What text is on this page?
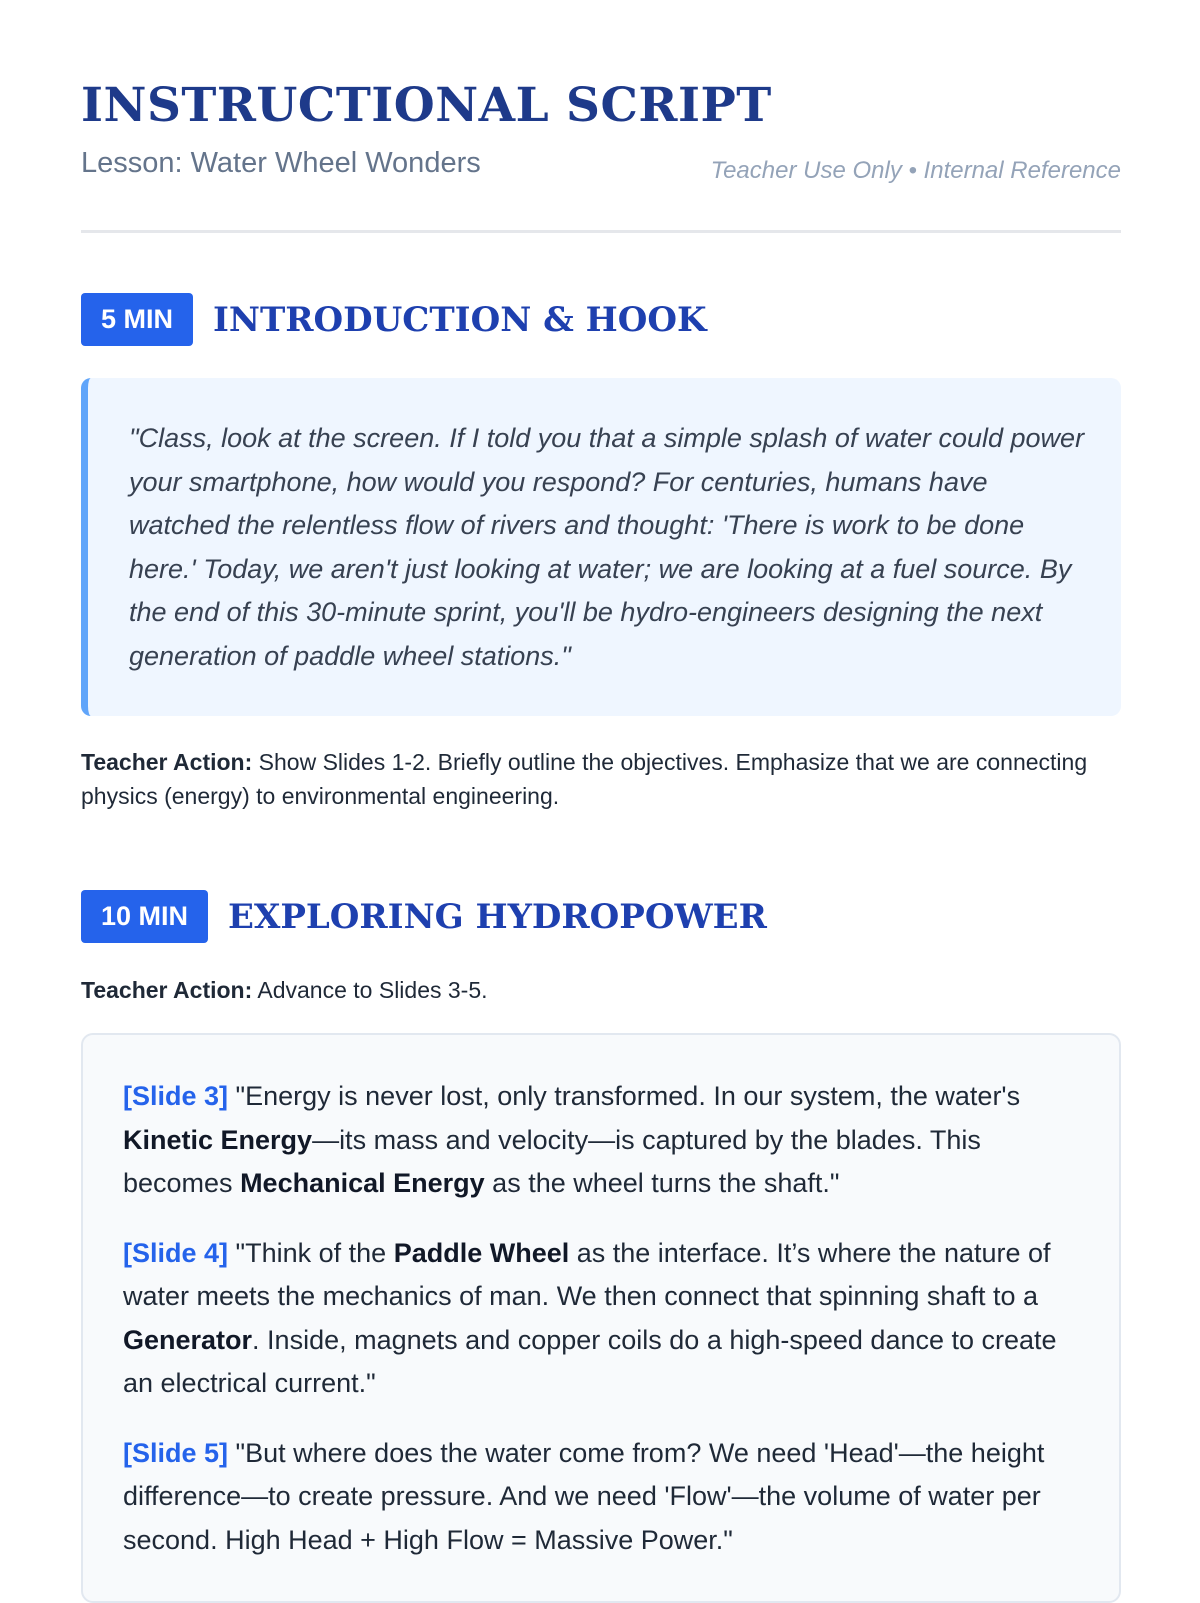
INSTRUCTIONAL SCRIPT
Lesson: Water Wheel Wonders	Teacher Use Only • Internal Reference
5 MIN	INTRODUCTION & HOOK

"Class, look at the screen. If I told you that a simple splash of water could power your smartphone, how would you respond? For centuries, humans have watched the relentless flow of rivers and thought: 'There is work to be done here.' Today, we aren't just looking at water; we are looking at a fuel source. By the end of this 30-minute sprint, you'll be hydro-engineers designing the next generation of paddle wheel stations."

Teacher Action: Show Slides 1-2. Briefly outline the objectives. Emphasize that we are connecting physics (energy) to environmental engineering.
10 MIN	EXPLORING HYDROPOWER
Teacher Action: Advance to Slides 3-5.

[Slide 3] "Energy is never lost, only transformed. In our system, the water's Kinetic Energy—its mass and velocity—is captured by the blades. This becomes Mechanical Energy as the wheel turns the shaft."

[Slide 4] "Think of the Paddle Wheel as the interface. It’s where the nature of water meets the mechanics of man. We then connect that spinning shaft to a Generator. Inside, magnets and copper coils do a high-speed dance to create an electrical current."

[Slide 5] "But where does the water come from? We need 'Head'—the height difference—to create pressure. And we need 'Flow'—the volume of water per second. High Head + High Flow = Massive Power."
